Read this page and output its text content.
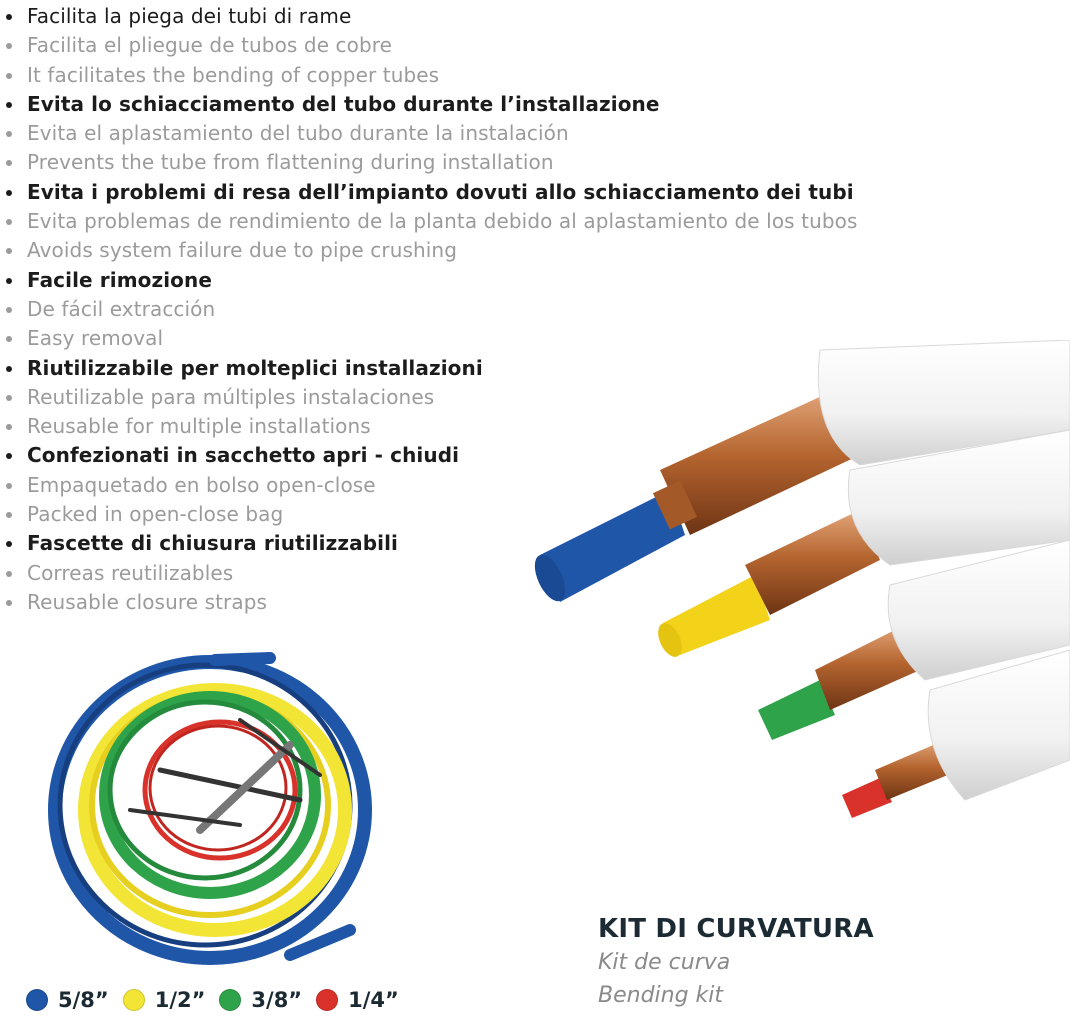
Facilita la piega dei tubi di rame
Facilita el pliegue de tubos de cobre
It facilitates the bending of copper tubes
Evita lo schiacciamento del tubo durante l’installazione
Evita el aplastamiento del tubo durante la instalación
Prevents the tube from flattening during installation
Evita i problemi di resa dell’impianto dovuti allo schiacciamento dei tubi
Evita problemas de rendimiento de la planta debido al aplastamiento de los tubos
Avoids system failure due to pipe crushing
Facile rimozione
De fácil extracción
Easy removal
Riutilizzabile per molteplici installazioni
Reutilizable para múltiples instalaciones
Reusable for multiple installations
Confezionati in sacchetto apri - chiudi
Empaquetado en bolso open-close
Packed in open-close bag
Fascette di chiusura riutilizzabili
Correas reutilizables
Reusable closure straps
KIT DI CURVATURA
Kit de curva
Bending kit
5/8” 1/2” 3/8” 1/4”
